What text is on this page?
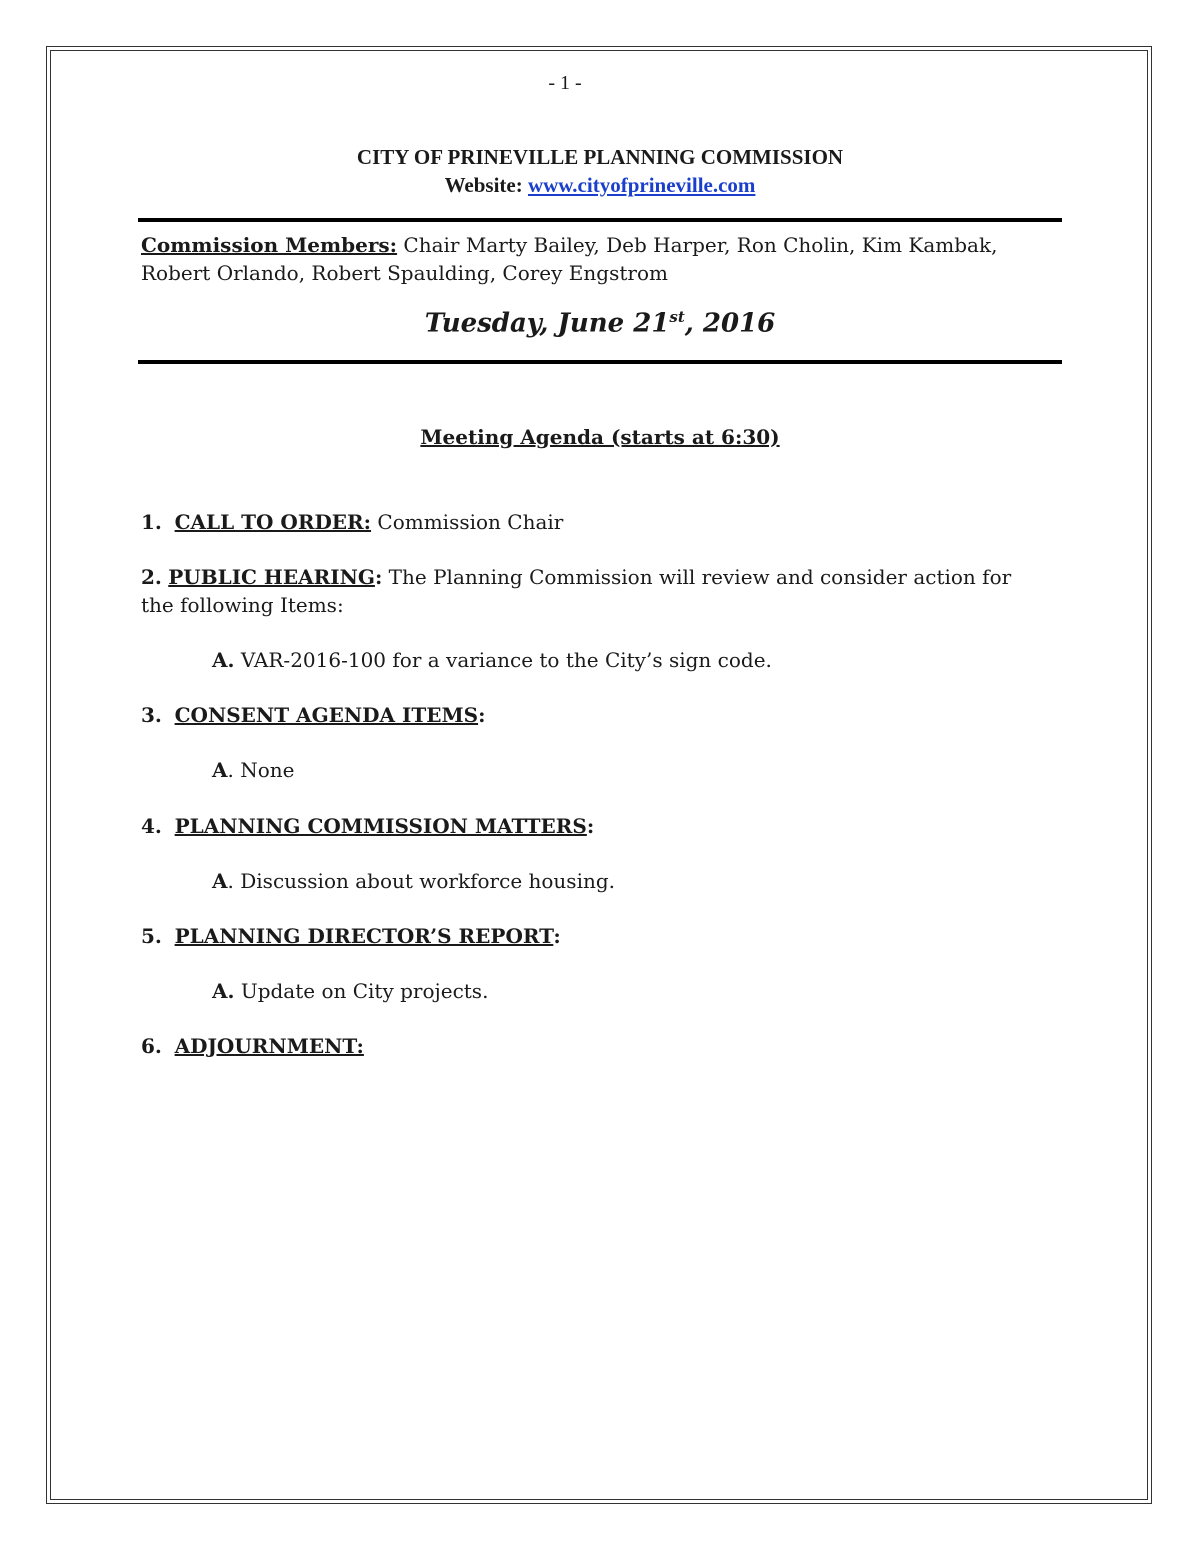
- 1 -
CITY OF PRINEVILLE PLANNING COMMISSION
Website: www.cityofprineville.com
Commission Members: Chair Marty Bailey, Deb Harper, Ron Cholin, Kim Kambak, Robert Orlando, Robert Spaulding, Corey Engstrom
Tuesday, June 21st, 2016
Meeting Agenda (starts at 6:30)
1. CALL TO ORDER: Commission Chair
2. PUBLIC HEARING: The Planning Commission will review and consider action for the following Items:
A. VAR-2016-100 for a variance to the City’s sign code.
3. CONSENT AGENDA ITEMS:
A. None
4. PLANNING COMMISSION MATTERS:
A. Discussion about workforce housing.
5. PLANNING DIRECTOR’S REPORT:
A. Update on City projects.
6. ADJOURNMENT:
